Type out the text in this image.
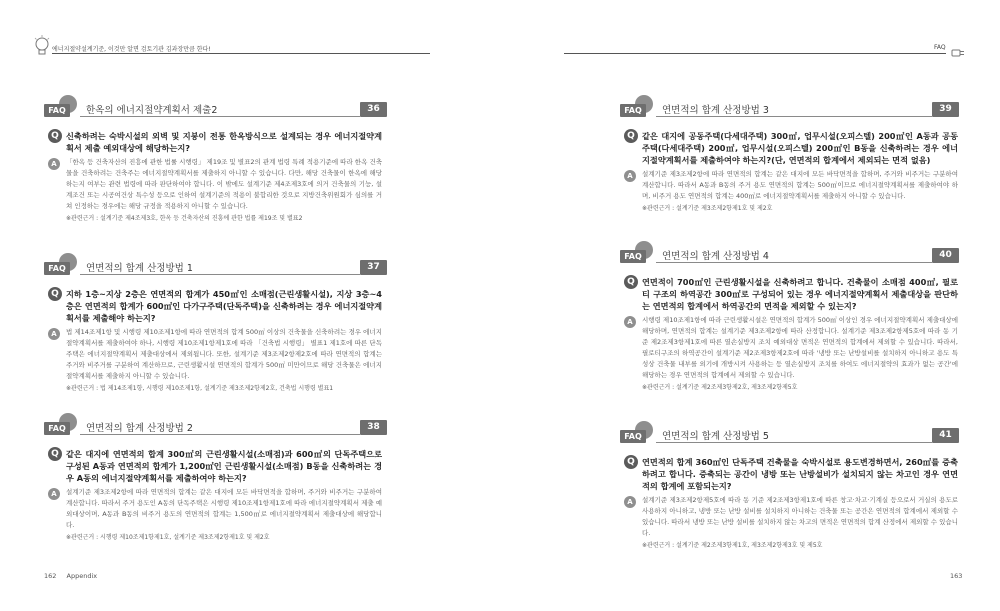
에너지절약설계기준, 이것만 알면 검토기관 김과장만큼 한다!
FAQ	한옥의 에너지절약계획서 제출2	36
Q 신축하려는 숙박시설의 외벽 및 지붕이 전통 한옥방식으로 설계되는 경우 에너지절약계획서 제출 예외대상에 해당하는지?
A	「한옥 등 건축자산의 진흥에 관한 법률 시행령」 제19조 및 별표2의 관계 법령 특례 적용기준에 따라 한옥 건축물을 건축하려는 건축주는 에너지절약계획서를 제출하지 아니할 수 있습니다. 다만, 해당 건축물이 한옥에 해당하는지 여부는 관련 법령에 따라 판단하여야 합니다. 이 밖에도 설계기준 제4조제3호에 의거 건축물의 기능, 설계조건 또는 시공여건상 특수성 등으로 인하여 설계기준의 적용이 불합리한 것으로 지방건축위원회가 심의를 거쳐 인정하는 경우에는 해당 규정을 적용하지 아니할 수 있습니다.
※관련근거 : 설계기준 제4조제3호, 한옥 등 건축자산의 진흥에 관한 법률 제19조 및 별표2
FAQ	연면적의 합계 산정방법 1	37
Q 지하 1층~지상 2층은 연면적의 합계가 450㎡인 소매점(근린생활시설), 지상 3층~4층은 연면적의 합계가 600㎡인 다가구주택(단독주택)을 신축하려는 경우 에너지절약계획서를 제출해야 하는지?
A	법 제14조제1항 및 시행령 제10조제1항에 따라 연면적의 합계 500㎡ 이상의 건축물을 신축하려는 경우 에너지절약계획서를 제출하여야 하나, 시행령 제10조제1항제1호에 따라 「건축법 시행령」 별표1 제1호에 따른 단독주택은 에너지절약계획서 제출대상에서 제외됩니다. 또한, 설계기준 제3조제2항제2호에 따라 연면적의 합계는 주거와 비주거를 구분하여 계산하므로, 근린생활시설 연면적의 합계가 500㎡ 미만이므로 해당 건축물은 에너지절약계획서를 제출하지 아니할 수 있습니다.
※관련근거 : 법 제14조제1항, 시행령 제10조제1항, 설계기준 제3조제2항제2호, 건축법 시행령 별표1
FAQ	연면적의 합계 산정방법 2	38
Q 같은 대지에 연면적의 합계 300㎡의 근린생활시설(소매점)과 600㎡의 단독주택으로 구성된 A동과 연면적의 합계가 1,200㎡인 근린생활시설(소매점) B동을 신축하려는 경우 A동의 에너지절약계획서를 제출하여야 하는지?
A	설계기준 제3조제2항에 따라 연면적의 합계는 같은 대지에 모든 바닥면적을 합하며, 주거와 비주거는 구분하여 계산합니다. 따라서 주거 용도인 A동의 단독주택은 시행령 제10조제1항제1호에 따라 에너지절약계획서 제출 예외대상이며, A동과 B동의 비주거 용도의 연면적의 합계는 1,500㎡로 에너지절약계획서 제출대상에 해당합니다.
※관련근거 : 시행령 제10조제1항제1호, 설계기준 제3조제2항제1호 및 제2호
162 Appendix
FAQ
FAQ	연면적의 합계 산정방법 3	39
Q 같은 대지에 공동주택(다세대주택) 300㎡, 업무시설(오피스텔) 200㎡인 A동과 공동주택(다세대주택) 200㎡, 업무시설(오피스텔) 200㎡인 B동을 신축하려는 경우 에너지절약계획서를 제출하여야 하는지?(단, 연면적의 합계에서 제외되는 면적 없음)
A	설계기준 제3조제2항에 따라 연면적의 합계는 같은 대지에 모든 바닥면적을 합하며, 주거와 비주거는 구분하여 계산합니다. 따라서 A동과 B동의 주거 용도 연면적의 합계는 500㎡이므로 에너지절약계획서를 제출하여야 하며, 비주거 용도 연면적의 합계는 400㎡로 에너지절약계획서를 제출하지 아니할 수 있습니다.
※관련근거 : 설계기준 제3조제2항제1호 및 제2호
FAQ	연면적의 합계 산정방법 4	40
Q 연면적이 700㎡인 근린생활시설을 신축하려고 합니다. 건축물이 소매점 400㎡, 필로티 구조의 하역공간 300㎡로 구성되어 있는 경우 에너지절약계획서 제출대상을 판단하는 연면적의 합계에서 하역공간의 면적을 제외할 수 있는지?
A	시행령 제10조제1항에 따라 근린생활시설은 연면적의 합계가 500㎡ 이상인 경우 에너지절약계획서 제출대상에 해당하며, 연면적의 합계는 설계기준 제3조제2항에 따라 산정합니다. 설계기준 제3조제2항제5호에 따라 동 기준 제2조제3항제1호에 따른 열손실방지 조치 예외대상 면적은 연면적의 합계에서 제외할 수 있습니다. 따라서, 필로티구조의 하역공간이 설계기준 제2조제3항제2호에 따라 '냉방 또는 난방설비를 설치하지 아니하고 용도 특성상 건축물 내부를 외기에 개방시켜 사용하는 등 열손실방지 조치를 하여도 에너지절약의 효과가 없는 공간'에 해당하는 경우 연면적의 합계에서 제외할 수 있습니다.
※관련근거 : 설계기준 제2조제3항제2호, 제3조제2항제5호
FAQ	연면적의 합계 산정방법 5	41
Q 연면적의 합계 360㎡인 단독주택 건축물을 숙박시설로 용도변경하면서, 260㎡를 증축하려고 합니다. 증축되는 공간이 냉방 또는 난방설비가 설치되지 않는 차고인 경우 연면적의 합계에 포함되는지?
A	설계기준 제3조제2항제5호에 따라 동 기준 제2조제3항제1호에 따른 창고·차고·기계실 등으로서 거실의 용도로 사용하지 아니하고, 냉방 또는 난방 설비를 설치하지 아니하는 건축물 또는 공간은 연면적의 합계에서 제외할 수 있습니다. 따라서 냉방 또는 난방 설비를 설치하지 않는 차고의 면적은 연면적의 합계 산정에서 제외할 수 있습니다.
※관련근거 : 설계기준 제2조제3항제1호, 제3조제2항제3호 및 제5호
163
